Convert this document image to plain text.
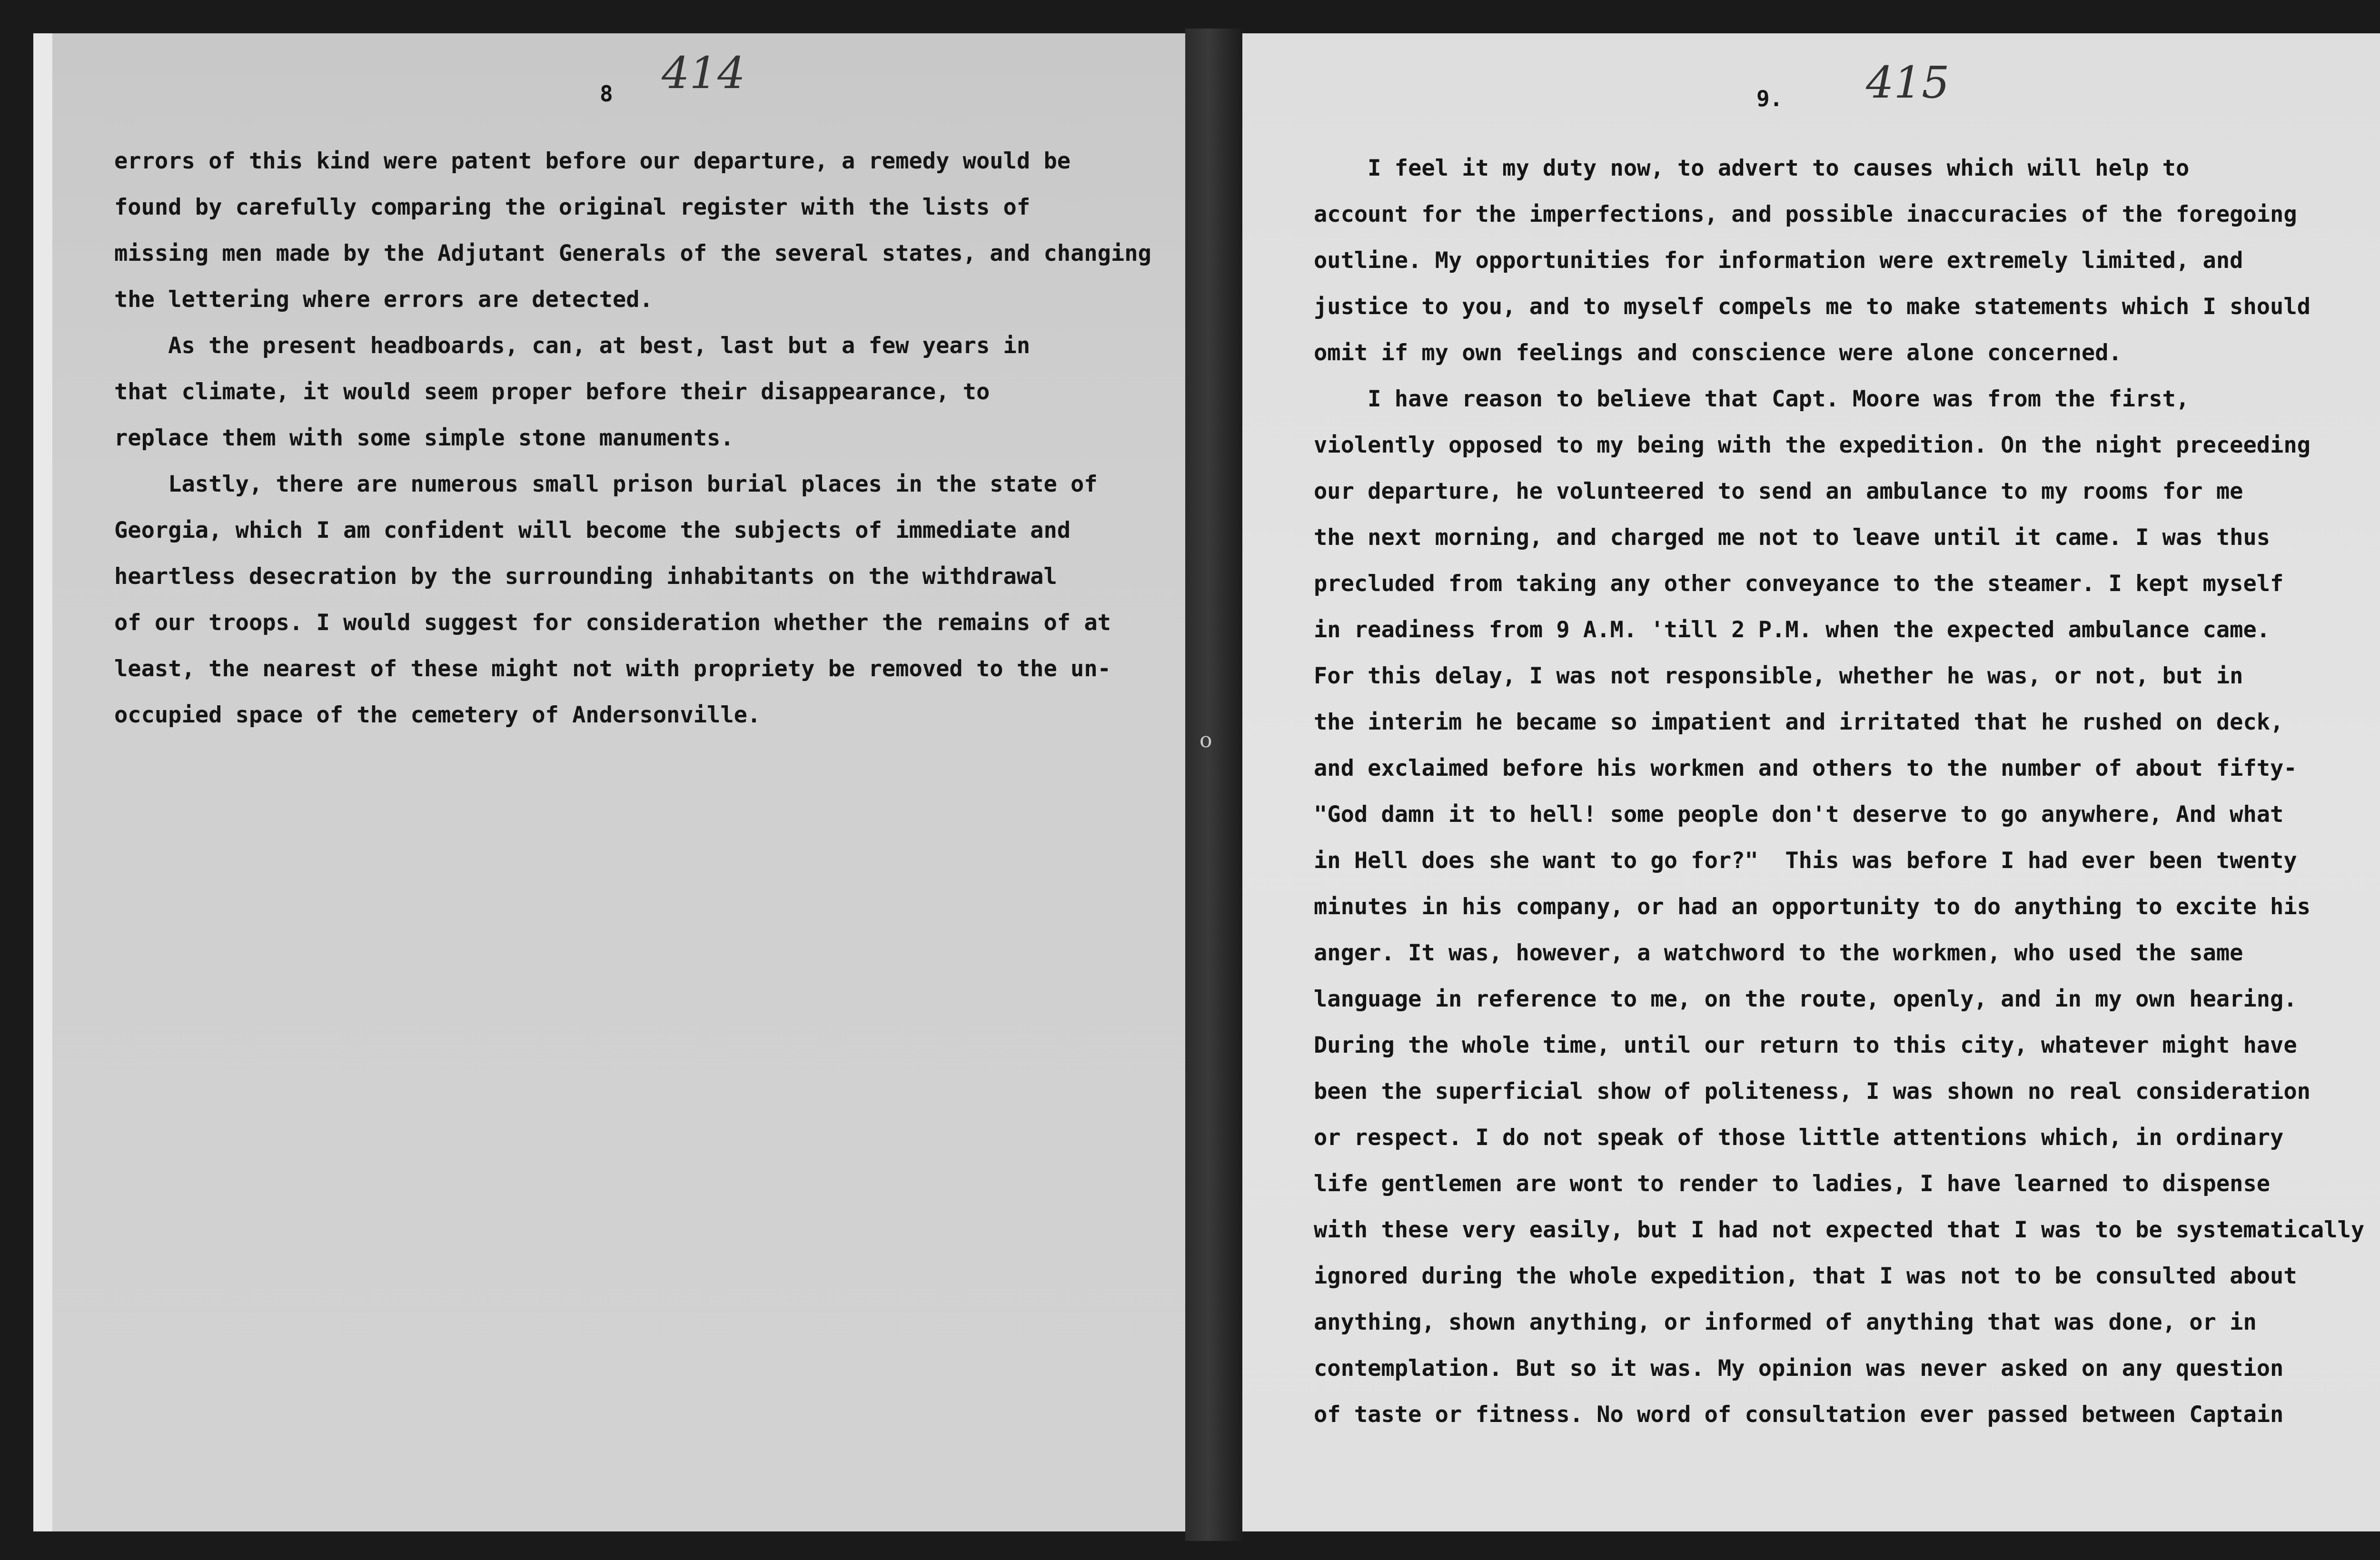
8 414
errors of this kind were patent before our departure, a remedy would be
found by carefully comparing the original register with the lists of
missing men made by the Adjutant Generals of the several states, and changing
the lettering where errors are detected.
As the present headboards, can, at best, last but a few years in
that climate, it would seem proper before their disappearance, to
replace them with some simple stone manuments.
Lastly, there are numerous small prison burial places in the state of
Georgia, which I am confident will become the subjects of immediate and
heartless desecration by the surrounding inhabitants on the withdrawal
of our troops. I would suggest for consideration whether the remains of at
least, the nearest of these might not with propriety be removed to the un-
occupied space of the cemetery of Andersonville.
9. 415
I feel it my duty now, to advert to causes which will help to
account for the imperfections, and possible inaccuracies of the foregoing
outline. My opportunities for information were extremely limited, and
justice to you, and to myself compels me to make statements which I should
omit if my own feelings and conscience were alone concerned.
I have reason to believe that Capt. Moore was from the first,
violently opposed to my being with the expedition. On the night preceeding
our departure, he volunteered to send an ambulance to my rooms for me
the next morning, and charged me not to leave until it came. I was thus
precluded from taking any other conveyance to the steamer. I kept myself
in readiness from 9 A.M. 'till 2 P.M. when the expected ambulance came.
For this delay, I was not responsible, whether he was, or not, but in
the interim he became so impatient and irritated that he rushed on deck,
and exclaimed before his workmen and others to the number of about fifty-
"God damn it to hell! some people don't deserve to go anywhere, And what
in Hell does she want to go for?"  This was before I had ever been twenty
minutes in his company, or had an opportunity to do anything to excite his
anger. It was, however, a watchword to the workmen, who used the same
language in reference to me, on the route, openly, and in my own hearing.
During the whole time, until our return to this city, whatever might have
been the superficial show of politeness, I was shown no real consideration
or respect. I do not speak of those little attentions which, in ordinary
life gentlemen are wont to render to ladies, I have learned to dispense
with these very easily, but I had not expected that I was to be systematically
ignored during the whole expedition, that I was not to be consulted about
anything, shown anything, or informed of anything that was done, or in
contemplation. But so it was. My opinion was never asked on any question
of taste or fitness. No word of consultation ever passed between Captain
o
